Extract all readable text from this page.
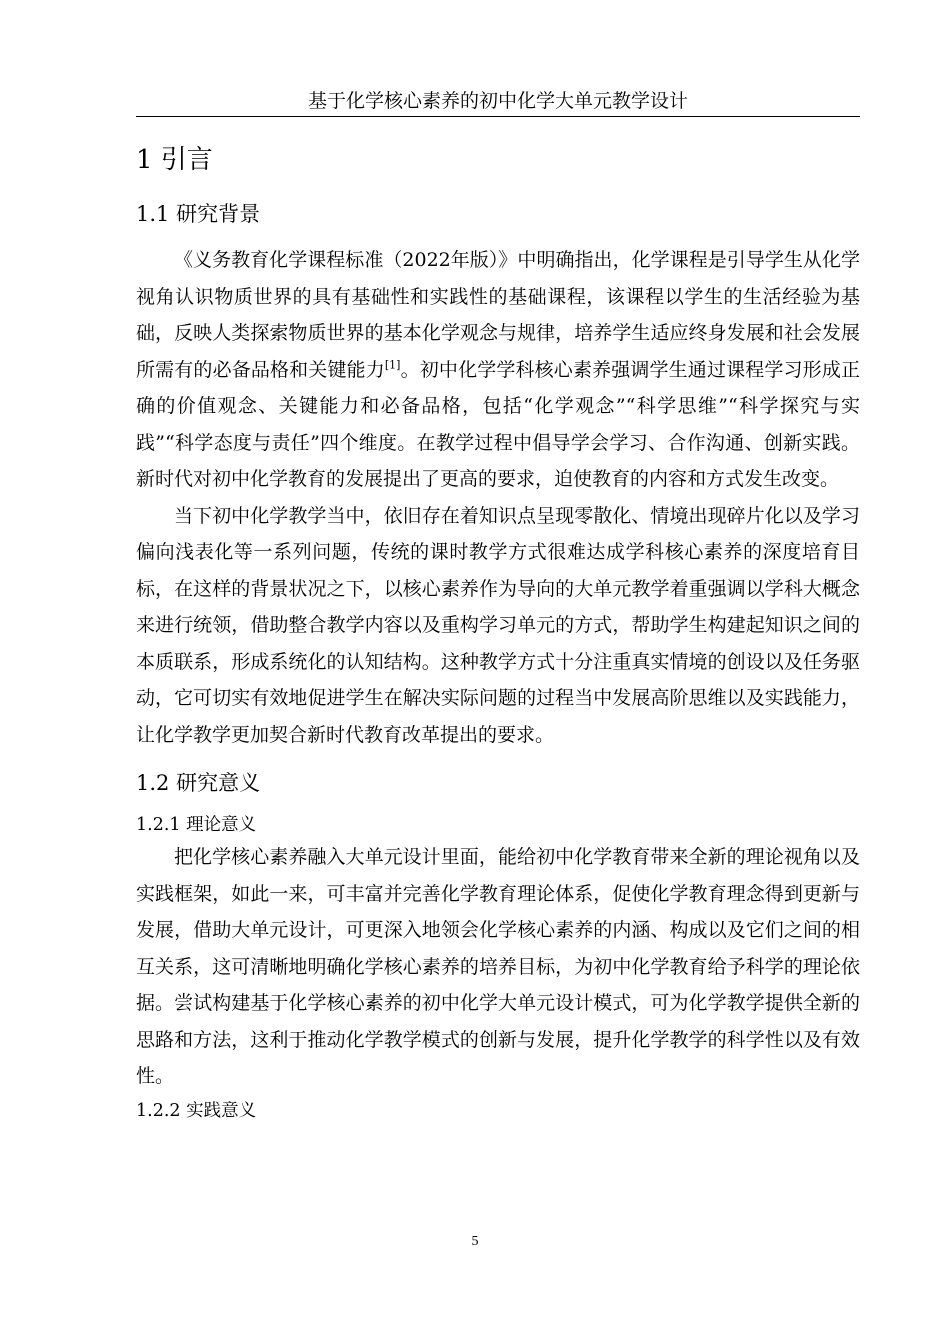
基于化学核心素养的初中化学大单元教学设计
1 引言
1.1 研究背景

《义务教育化学课程标准（2022年版）》中明确指出，化学课程是引导学生从化学视角认识物质世界的具有基础性和实践性的基础课程，该课程以学生的生活经验为基础，反映人类探索物质世界的基本化学观念与规律，培养学生适应终身发展和社会发展所需有的必备品格和关键能力[1]。初中化学学科核心素养强调学生通过课程学习形成正确的价值观念、关键能力和必备品格，包括“化学观念”“科学思维”“科学探究与实践”“科学态度与责任”四个维度。在教学过程中倡导学会学习、合作沟通、创新实践。新时代对初中化学教育的发展提出了更高的要求，迫使教育的内容和方式发生改变。

当下初中化学教学当中，依旧存在着知识点呈现零散化、情境出现碎片化以及学习偏向浅表化等一系列问题，传统的课时教学方式很难达成学科核心素养的深度培育目标，在这样的背景状况之下，以核心素养作为导向的大单元教学着重强调以学科大概念来进行统领，借助整合教学内容以及重构学习单元的方式，帮助学生构建起知识之间的本质联系，形成系统化的认知结构。这种教学方式十分注重真实情境的创设以及任务驱动，它可切实有效地促进学生在解决实际问题的过程当中发展高阶思维以及实践能力，让化学教学更加契合新时代教育改革提出的要求。

1.2 研究意义
1.2.1 理论意义

把化学核心素养融入大单元设计里面，能给初中化学教育带来全新的理论视角以及实践框架，如此一来，可丰富并完善化学教育理论体系，促使化学教育理念得到更新与发展，借助大单元设计，可更深入地领会化学核心素养的内涵、构成以及它们之间的相互关系，这可清晰地明确化学核心素养的培养目标，为初中化学教育给予科学的理论依据。尝试构建基于化学核心素养的初中化学大单元设计模式，可为化学教学提供全新的思路和方法，这利于推动化学教学模式的创新与发展，提升化学教学的科学性以及有效性。

1.2.2 实践意义
5
